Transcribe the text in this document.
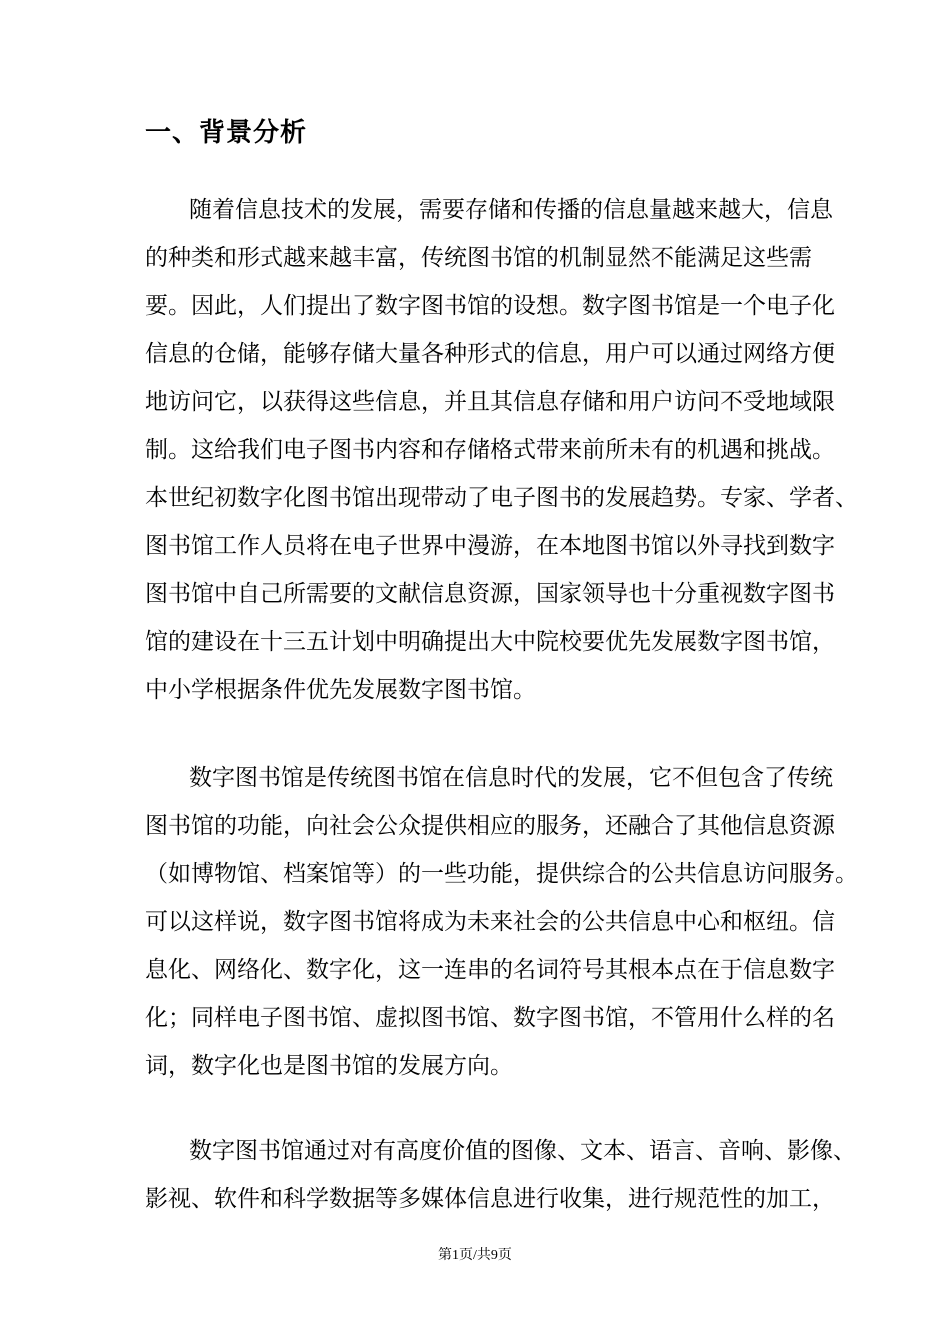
一、背景分析

随着信息技术的发展，需要存储和传播的信息量越来越大，信息

的种类和形式越来越丰富，传统图书馆的机制显然不能满足这些需

要。因此，人们提出了数字图书馆的设想。数字图书馆是一个电子化

信息的仓储，能够存储大量各种形式的信息，用户可以通过网络方便

地访问它，以获得这些信息，并且其信息存储和用户访问不受地域限

制。这给我们电子图书内容和存储格式带来前所未有的机遇和挑战。

本世纪初数字化图书馆出现带动了电子图书的发展趋势。专家、学者、

图书馆工作人员将在电子世界中漫游，在本地图书馆以外寻找到数字

图书馆中自己所需要的文献信息资源，国家领导也十分重视数字图书

馆的建设在十三五计划中明确提出大中院校要优先发展数字图书馆，

中小学根据条件优先发展数字图书馆。

数字图书馆是传统图书馆在信息时代的发展，它不但包含了传统

图书馆的功能，向社会公众提供相应的服务，还融合了其他信息资源

（如博物馆、档案馆等）的一些功能，提供综合的公共信息访问服务。

可以这样说，数字图书馆将成为未来社会的公共信息中心和枢纽。信

息化、网络化、数字化，这一连串的名词符号其根本点在于信息数字

化；同样电子图书馆、虚拟图书馆、数字图书馆，不管用什么样的名

词，数字化也是图书馆的发展方向。

数字图书馆通过对有高度价值的图像、文本、语言、音响、影像、

影视、软件和科学数据等多媒体信息进行收集，进行规范性的加工，

第1页/共9页
